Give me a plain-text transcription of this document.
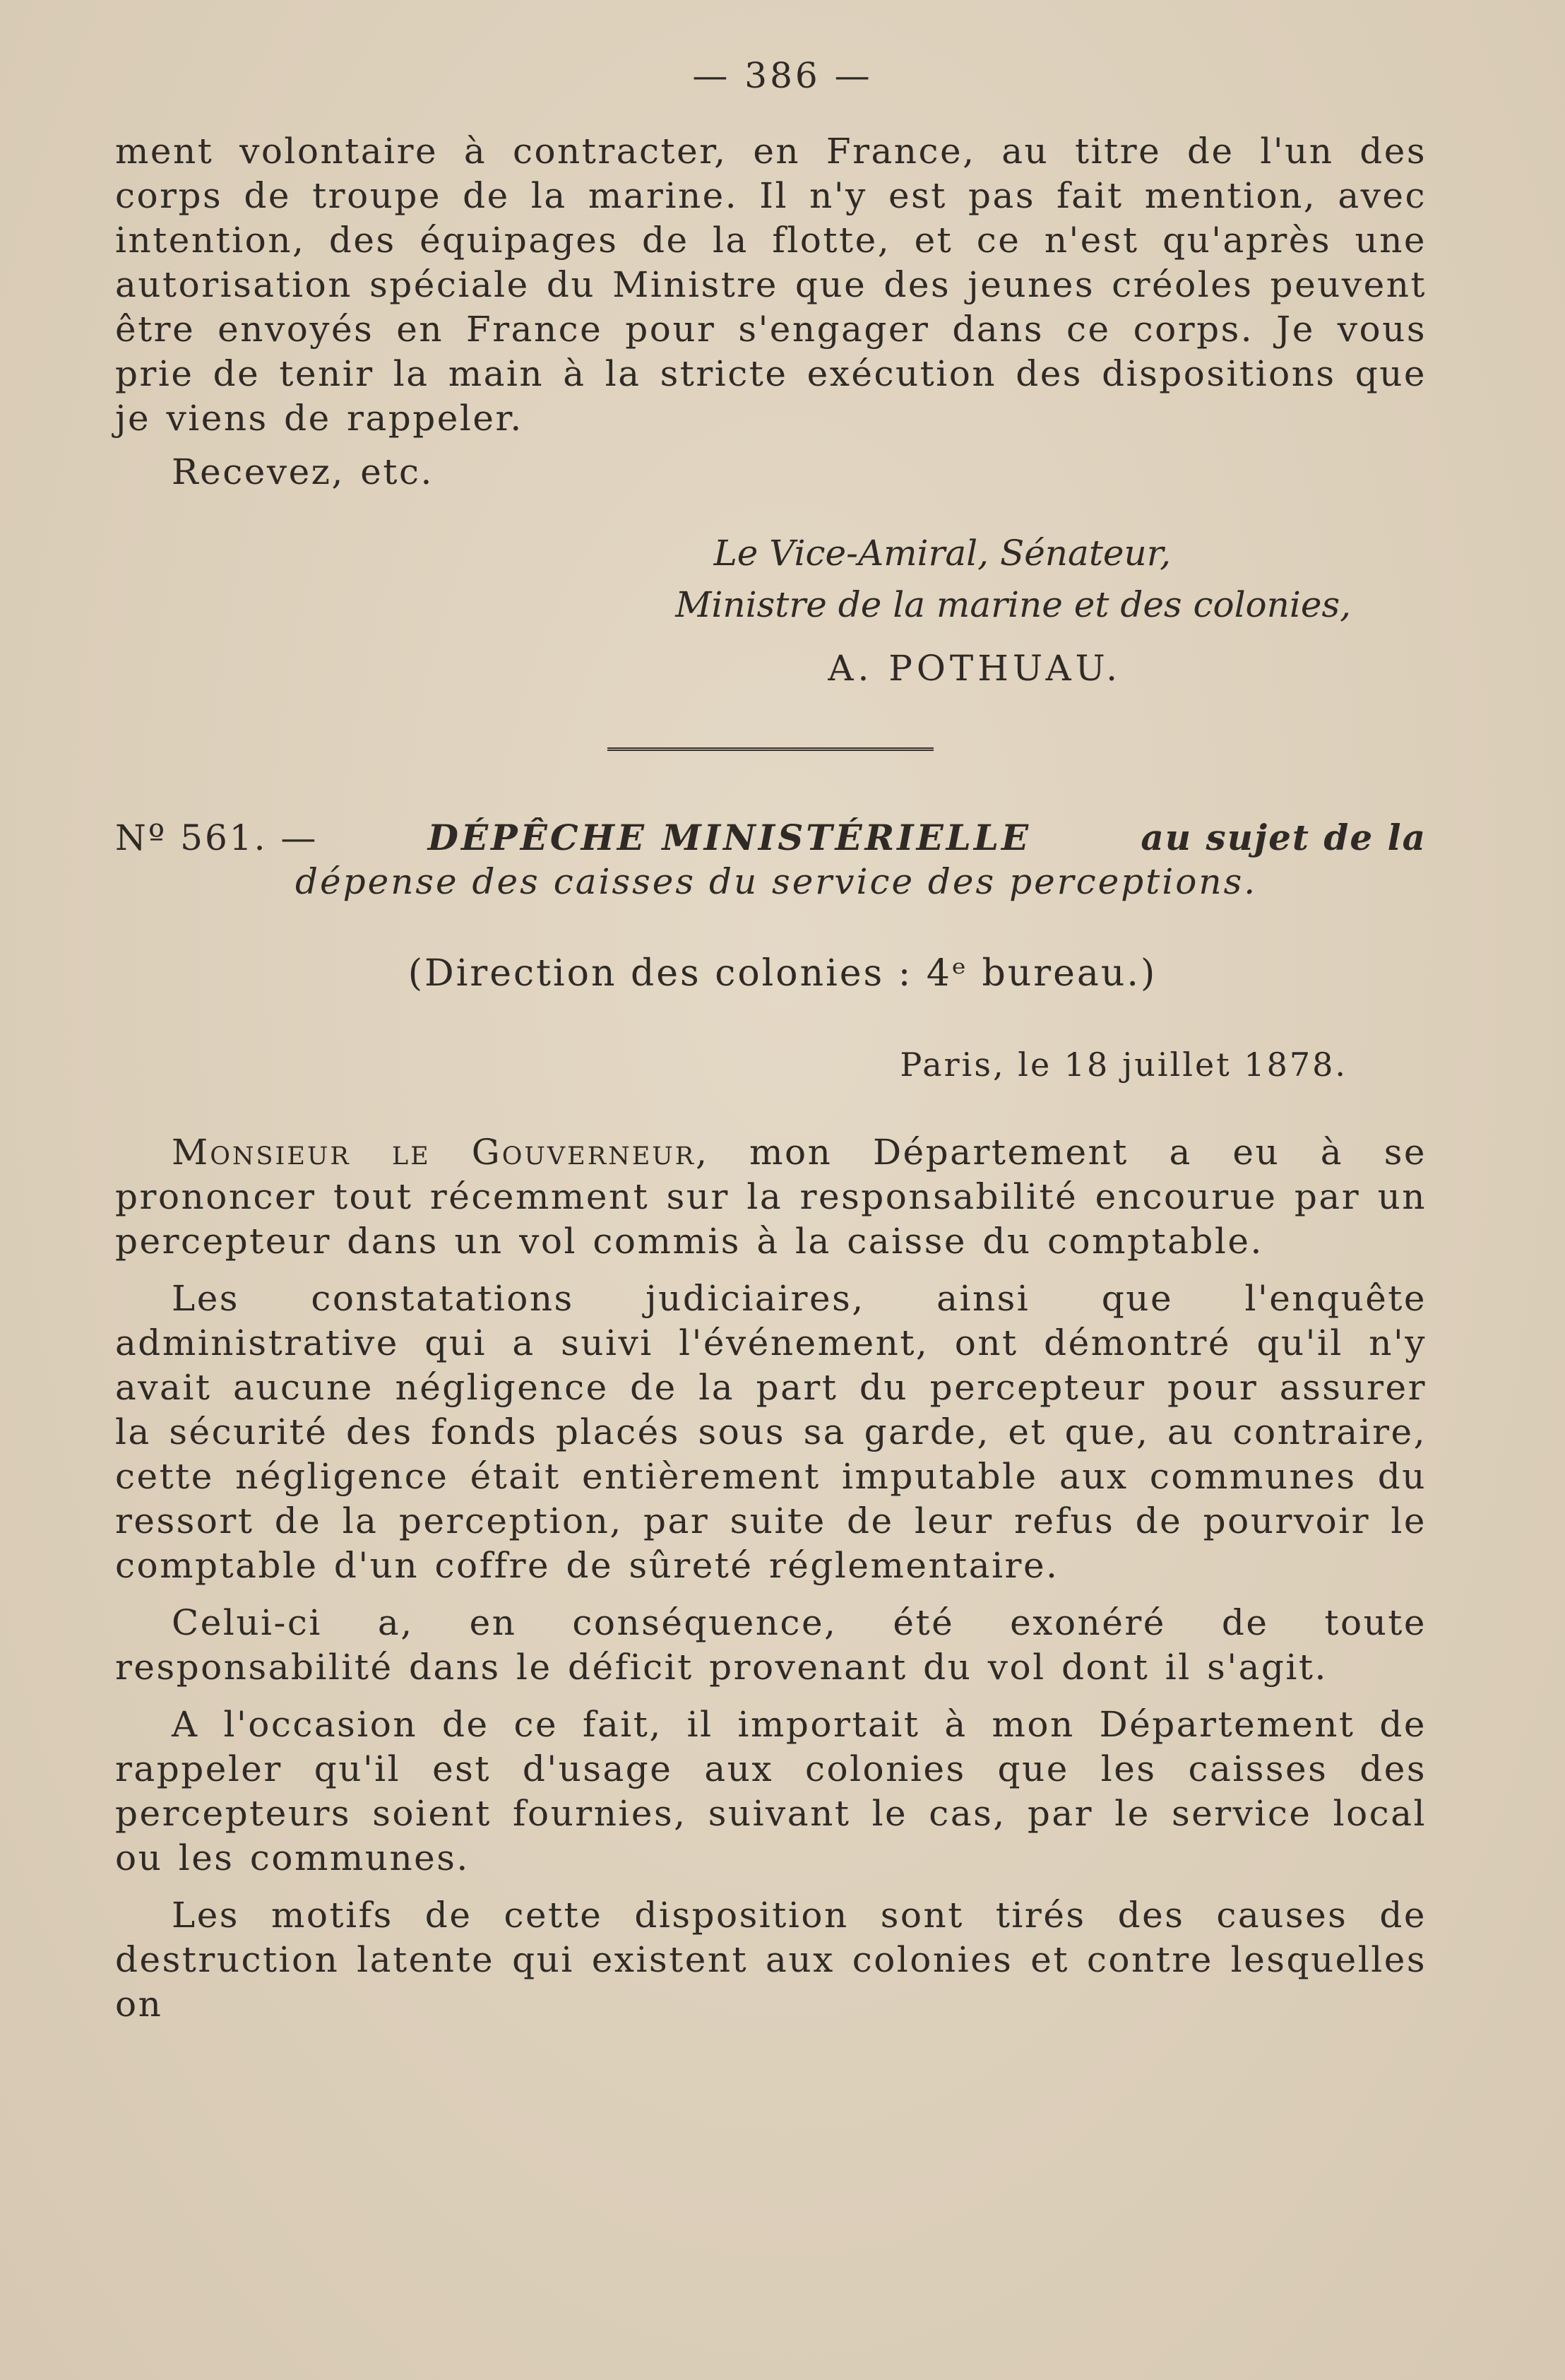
— 386 —

ment volontaire à contracter, en France, au titre de l'un des corps de troupe de la marine. Il n'y est pas fait mention, avec intention, des équipages de la flotte, et ce n'est qu'après une autorisation spéciale du Ministre que des jeunes créoles peuvent être envoyés en France pour s'engager dans ce corps. Je vous prie de tenir la main à la stricte exécution des dispositions que je viens de rappeler.

Recevez, etc.

Le Vice-Amiral, Sénateur,
Ministre de la marine et des colonies,
A. POTHUAU.
Nº 561. —	DÉPÊCHE MINISTÉRIELLE	au sujet de la
dépense des caisses du service des perceptions.
(Direction des colonies : 4ᵉ bureau.)
Paris, le 18 juillet 1878.

Monsieur le Gouverneur, mon Département a eu à se prononcer tout récemment sur la responsabilité encourue par un percepteur dans un vol commis à la caisse du comptable.

Les constatations judiciaires, ainsi que l'enquête administrative qui a suivi l'événement, ont démontré qu'il n'y avait aucune négligence de la part du percepteur pour assurer la sécurité des fonds placés sous sa garde, et que, au contraire, cette négligence était entièrement imputable aux communes du ressort de la perception, par suite de leur refus de pourvoir le comptable d'un coffre de sûreté réglementaire.

Celui-ci a, en conséquence, été exonéré de toute responsabilité dans le déficit provenant du vol dont il s'agit.

A l'occasion de ce fait, il importait à mon Département de rappeler qu'il est d'usage aux colonies que les caisses des percepteurs soient fournies, suivant le cas, par le service local ou les communes.

Les motifs de cette disposition sont tirés des causes de destruction latente qui existent aux colonies et contre lesquelles on
